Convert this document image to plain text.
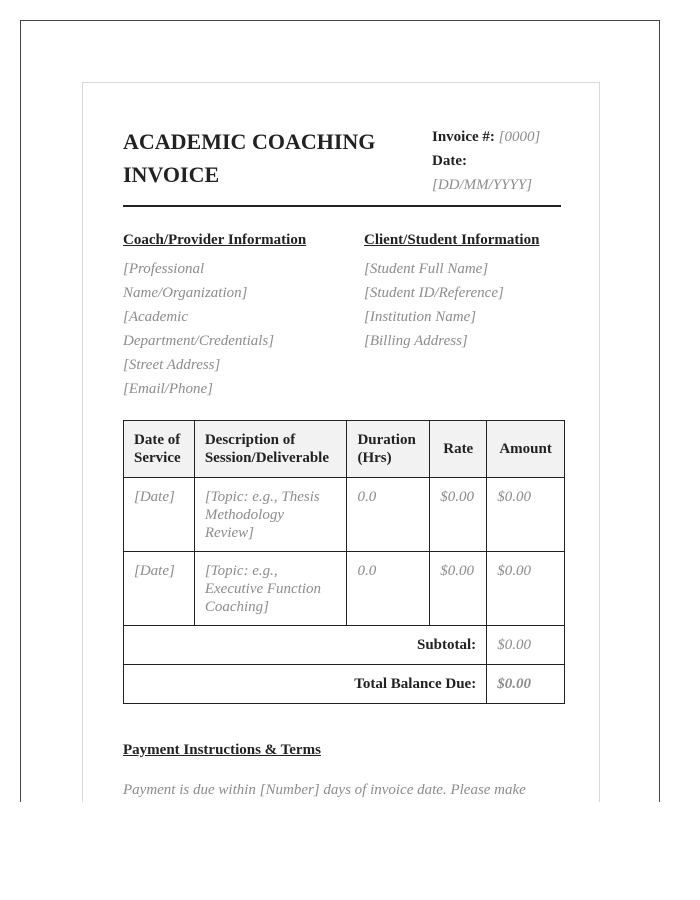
ACADEMIC COACHING
INVOICE
Invoice #: [0000]
Date:
[DD/MM/YYYY]
Coach/Provider Information
[Professional
Name/Organization]
[Academic
Department/Credentials]
[Street Address]
[Email/Phone]
Client/Student Information
[Student Full Name]
[Student ID/Reference]
[Institution Name]
[Billing Address]
Date of Service	Description of Session/Deliverable	Duration (Hrs)	Rate	Amount
[Date]	[Topic: e.g., Thesis Methodology Review]	0.0	$0.00	$0.00
[Date]	[Topic: e.g., Executive Function Coaching]	0.0	$0.00	$0.00
Subtotal:				$0.00
Total Balance Due:				$0.00
Payment Instructions & Terms

Payment is due within [Number] days of invoice date. Please make
